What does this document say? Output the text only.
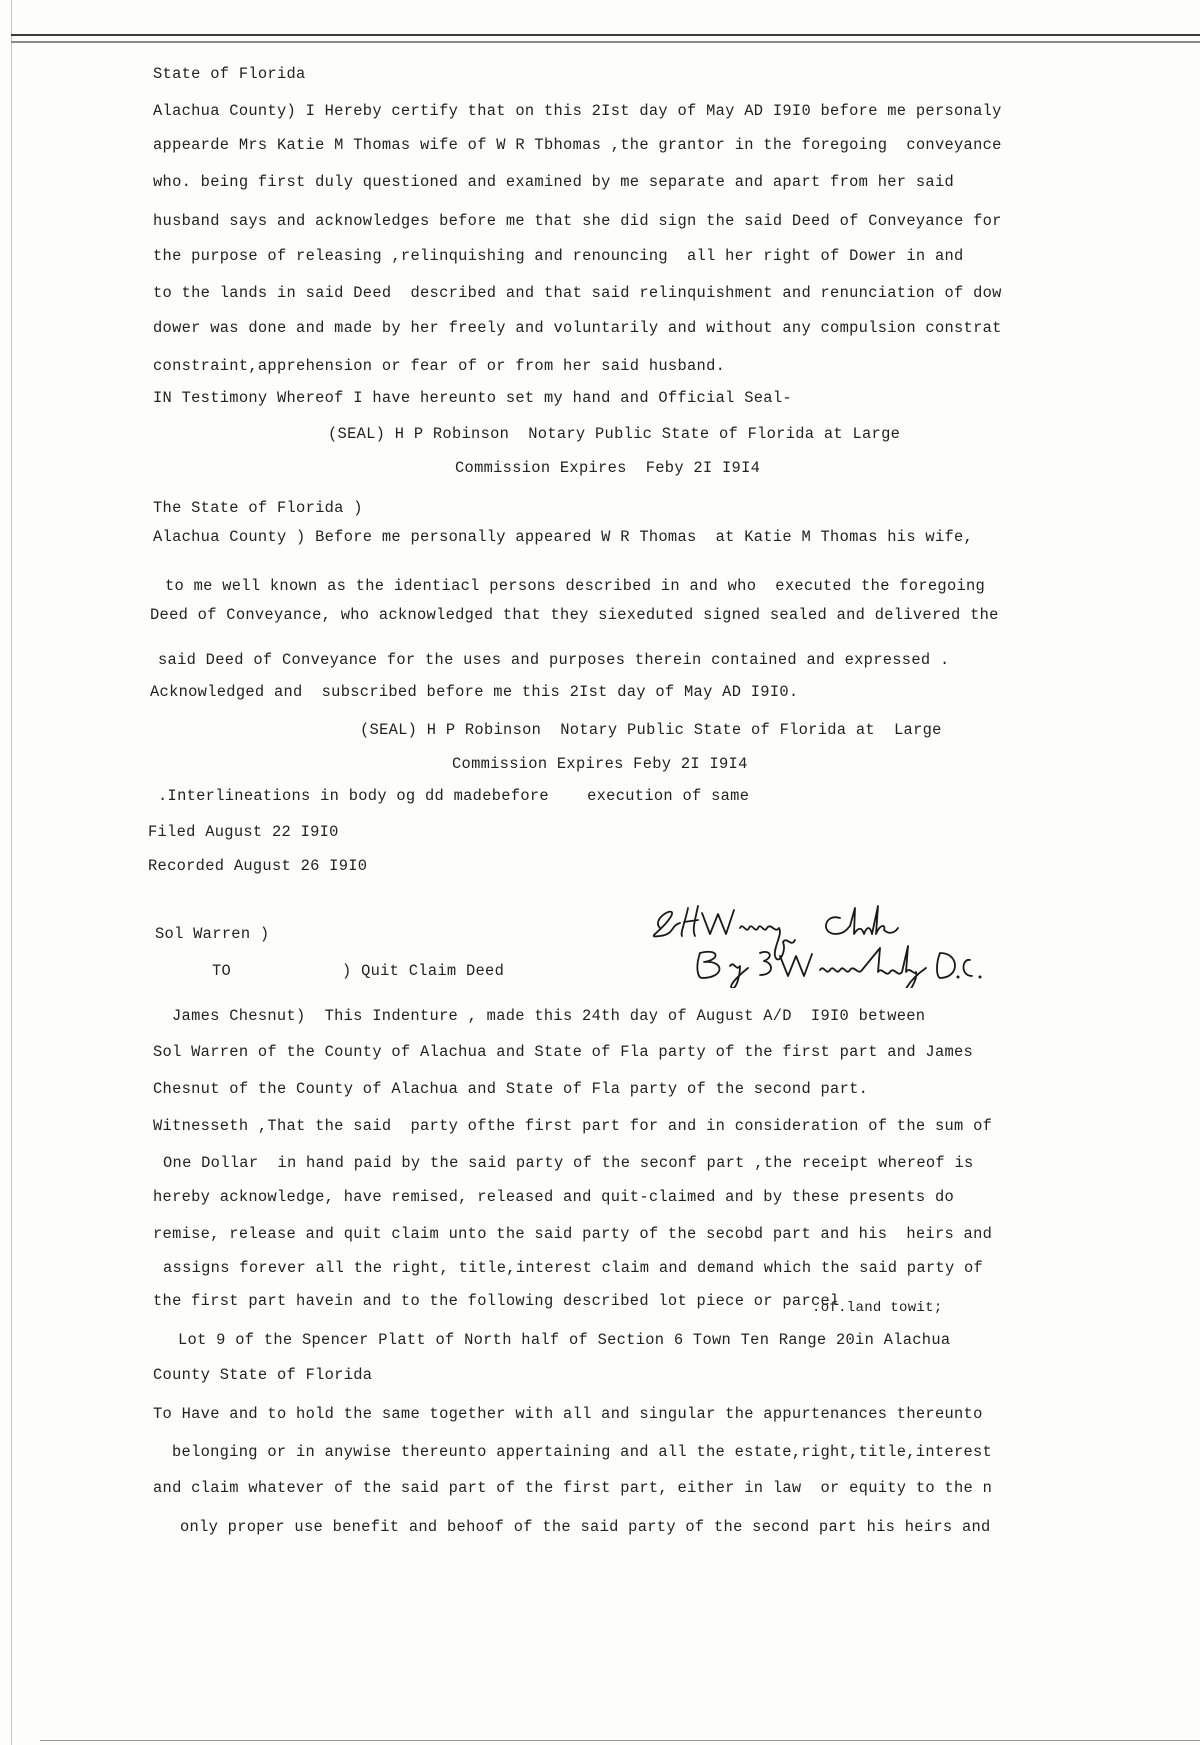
State of Florida
Alachua County) I Hereby certify that on this 2Ist day of May AD I9I0 before me personaly
appearde Mrs Katie M Thomas wife of W R Tbhomas ,the grantor in the foregoing  conveyance
who. being first duly questioned and examined by me separate and apart from her said
husband says and acknowledges before me that she did sign the said Deed of Conveyance for
the purpose of releasing ,relinquishing and renouncing  all her right of Dower in and
to the lands in said Deed  described and that said relinquishment and renunciation of dow
dower was done and made by her freely and voluntarily and without any compulsion constrat
constraint,apprehension or fear of or from her said husband.
IN Testimony Whereof I have hereunto set my hand and Official Seal-
(SEAL) H P Robinson  Notary Public State of Florida at Large
Commission Expires  Feby 2I I9I4
The State of Florida )
Alachua County ) Before me personally appeared W R Thomas  at Katie M Thomas his wife,
to me well known as the identiacl persons described in and who  executed the foregoing
Deed of Conveyance, who acknowledged that they siexeduted signed sealed and delivered the
said Deed of Conveyance for the uses and purposes therein contained and expressed .
Acknowledged and  subscribed before me this 2Ist day of May AD I9I0.
(SEAL) H P Robinson  Notary Public State of Florida at  Large
Commission Expires Feby 2I I9I4
.Interlineations in body og dd madebefore    execution of same
Filed August 22 I9I0
Recorded August 26 I9I0
Sol Warren )
TO	) Quit Claim Deed
James Chesnut)  This Indenture , made this 24th day of August A/D  I9I0 between
Sol Warren of the County of Alachua and State of Fla party of the first part and James
Chesnut of the County of Alachua and State of Fla party of the second part.
Witnesseth ,That the said  party ofthe first part for and in consideration of the sum of
One Dollar  in hand paid by the said party of the seconf part ,the receipt whereof is
hereby acknowledge, have remised, released and quit-claimed and by these presents do
remise, release and quit claim unto the said party of the secobd part and his  heirs and
assigns forever all the right, title,interest claim and demand which the said party of
the first part havein and to the following described lot piece or parcel
.of.land towit;
Lot 9 of the Spencer Platt of North half of Section 6 Town Ten Range 20in Alachua
County State of Florida
To Have and to hold the same together with all and singular the appurtenances thereunto
belonging or in anywise thereunto appertaining and all the estate,right,title,interest
and claim whatever of the said part of the first part, either in law  or equity to the n
only proper use benefit and behoof of the said party of the second part his heirs and
